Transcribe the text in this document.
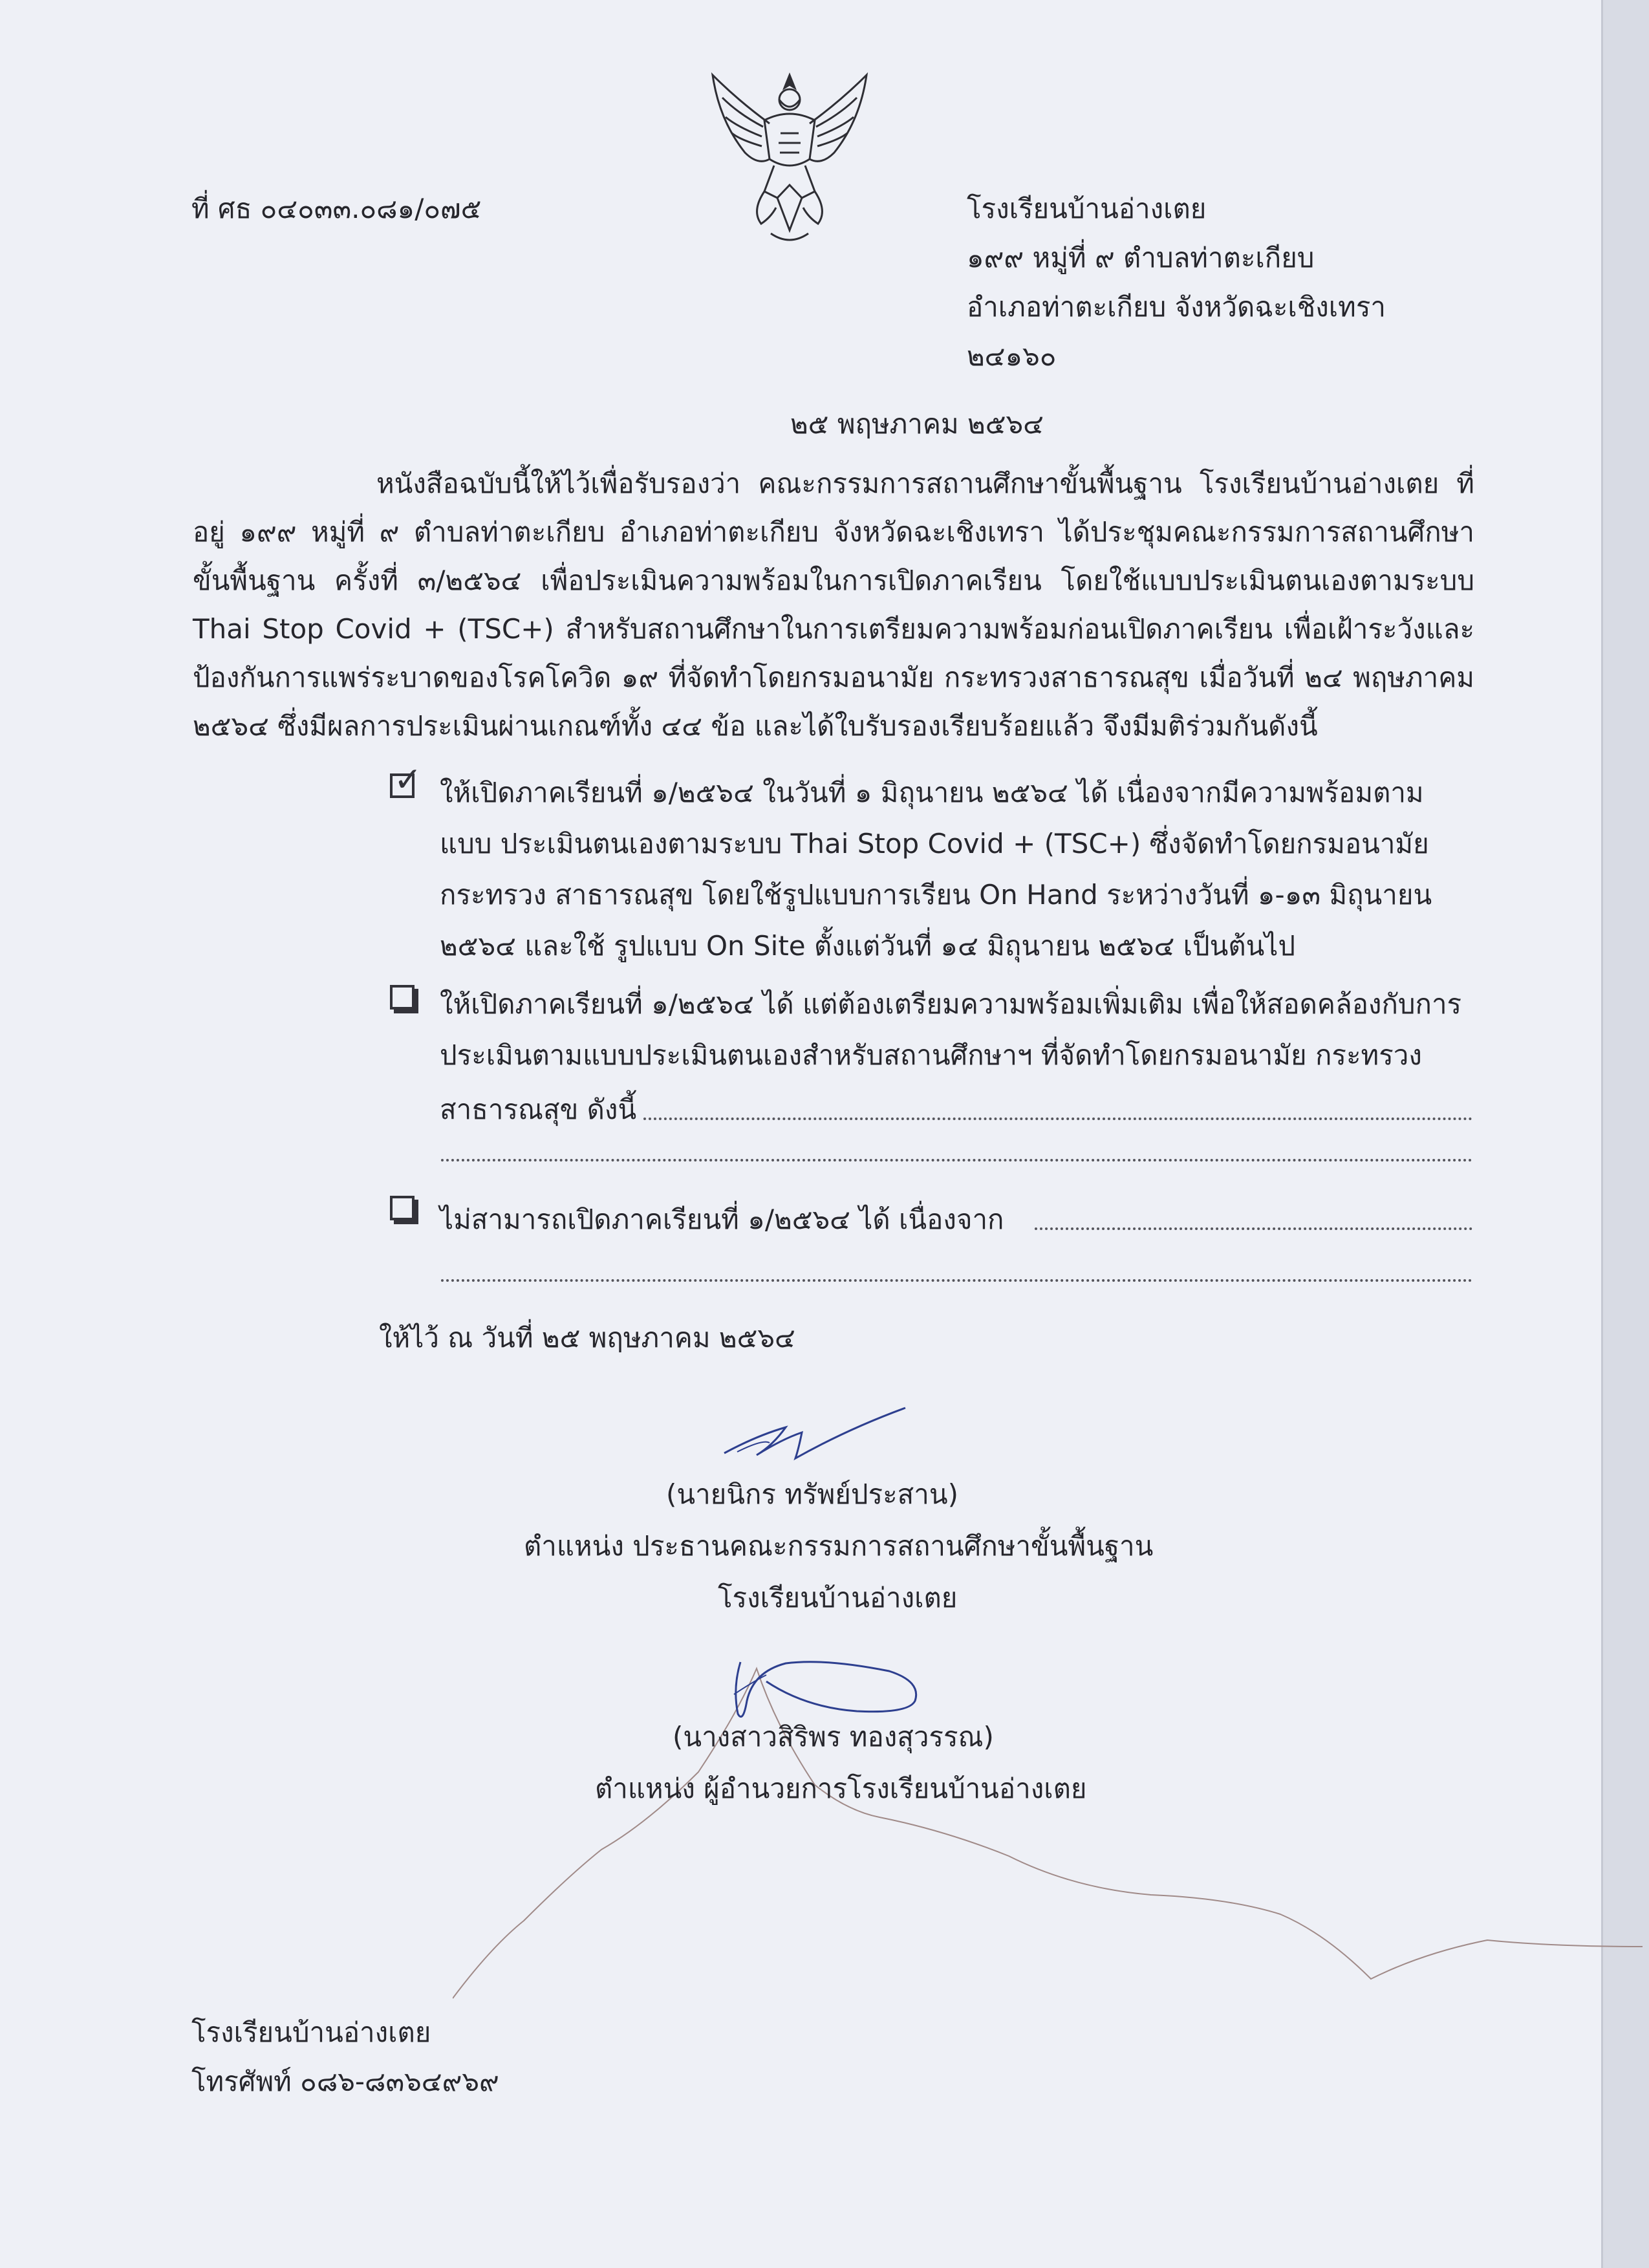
ที่ ศธ ๐๔๐๓๓.๐๘๑/๐๗๕	โรงเรียนบ้านอ่างเตย
๑๙๙ หมู่ที่ ๙ ตำบลท่าตะเกียบ
อำเภอท่าตะเกียบ จังหวัดฉะเชิงเทรา
๒๔๑๖๐
๒๕ พฤษภาคม ๒๕๖๔
หนังสือฉบับนี้ให้ไว้เพื่อรับรองว่า คณะกรรมการสถานศึกษาขั้นพื้นฐาน โรงเรียนบ้านอ่างเตย ที่อยู่ ๑๙๙ หมู่ที่ ๙ ตำบลท่าตะเกียบ อำเภอท่าตะเกียบ จังหวัดฉะเชิงเทรา ได้ประชุมคณะกรรมการสถานศึกษา ขั้นพื้นฐาน ครั้งที่ ๓/๒๕๖๔ เพื่อประเมินความพร้อมในการเปิดภาคเรียน โดยใช้แบบประเมินตนเองตามระบบ Thai Stop Covid + (TSC+) สำหรับสถานศึกษาในการเตรียมความพร้อมก่อนเปิดภาคเรียน เพื่อเฝ้าระวังและ ป้องกันการแพร่ระบาดของโรคโควิด ๑๙ ที่จัดทำโดยกรมอนามัย กระทรวงสาธารณสุข เมื่อวันที่ ๒๔ พฤษภาคม ๒๕๖๔ ซึ่งมีผลการประเมินผ่านเกณฑ์ทั้ง ๔๔ ข้อ และได้ใบรับรองเรียบร้อยแล้ว จึงมีมติร่วมกันดังนี้
✓ ให้เปิดภาคเรียนที่ ๑/๒๕๖๔ ในวันที่ ๑ มิถุนายน ๒๕๖๔ ได้ เนื่องจากมีความพร้อมตามแบบ ประเมินตนเองตามระบบ Thai Stop Covid + (TSC+) ซึ่งจัดทำโดยกรมอนามัย กระทรวง สาธารณสุข โดยใช้รูปแบบการเรียน On Hand ระหว่างวันที่ ๑-๑๓ มิถุนายน ๒๕๖๔ และใช้ รูปแบบ On Site ตั้งแต่วันที่ ๑๔ มิถุนายน ๒๕๖๔ เป็นต้นไป
ให้เปิดภาคเรียนที่ ๑/๒๕๖๔ ได้ แต่ต้องเตรียมความพร้อมเพิ่มเติม เพื่อให้สอดคล้องกับการ ประเมินตามแบบประเมินตนเองสำหรับสถานศึกษาฯ ที่จัดทำโดยกรมอนามัย กระทรวง
สาธารณสุข ดังนี้
ไม่สามารถเปิดภาคเรียนที่ ๑/๒๕๖๔ ได้ เนื่องจาก
ให้ไว้ ณ วันที่ ๒๕ พฤษภาคม ๒๕๖๔
(นายนิกร ทรัพย์ประสาน)
ตำแหน่ง ประธานคณะกรรมการสถานศึกษาขั้นพื้นฐาน
โรงเรียนบ้านอ่างเตย
(นางสาวสิริพร ทองสุวรรณ)
ตำแหน่ง ผู้อำนวยการโรงเรียนบ้านอ่างเตย
โรงเรียนบ้านอ่างเตย
โทรศัพท์ ๐๘๖-๘๓๖๔๙๖๙
